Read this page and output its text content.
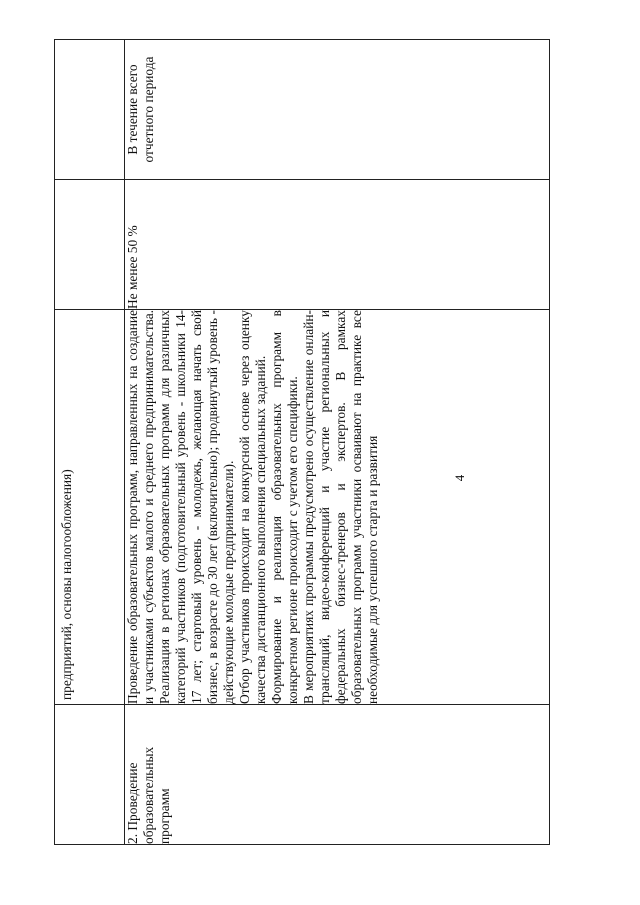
4

	предприятий, основы налогообложения)		

2. Проведение образовательных программ	Проведение образовательных программ, направленных на создание и участниками субъектов малого и среднего предпринимательства. Реализация в регионах образовательных программ для различных категорий участников (подготовительный уровень - школьники 14-17 лет; стартовый уровень - молодежь, желающая начать свой бизнес, в возрасте до 30 лет (включительно); продвинутый уровень - действующие молодые предприниматели). Отбор участников происходит на конкурсной основе через оценку качества дистанционного выполнения специальных заданий. Формирование и реализация образовательных программ в конкретном регионе происходит с учетом его специфики. В мероприятиях программы предусмотрено осуществление онлайн-трансляций, видео-конференций и участие региональных и федеральных бизнес-тренеров и экспертов. В рамках образовательных программ участники осваивают на практике все необходимые для успешного старта и развития	Не менее 50 %	В течение всего отчетного периода
